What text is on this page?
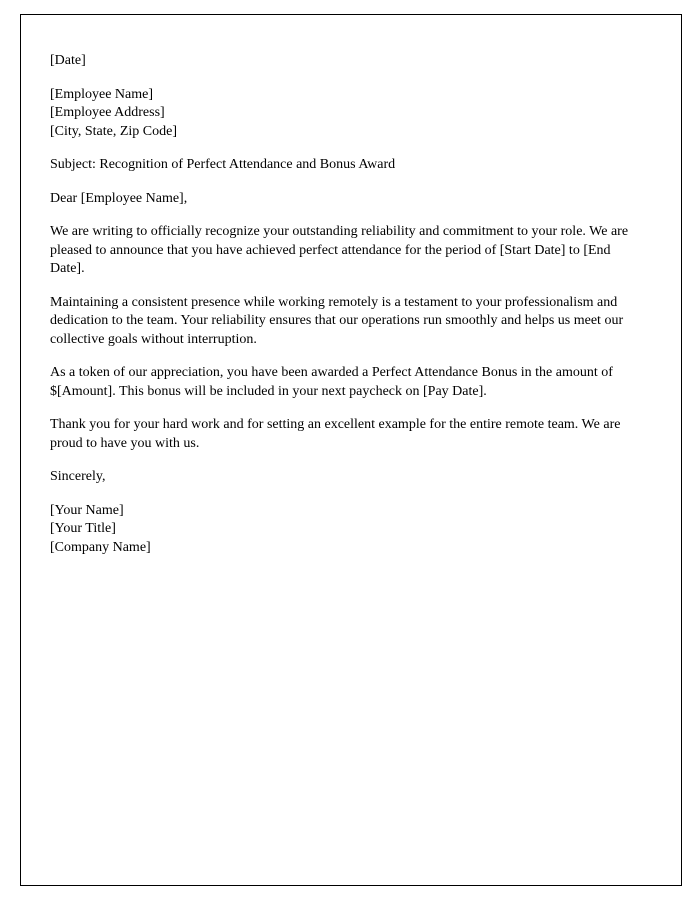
[Date]

[Employee Name]

[Employee Address]

[City, State, Zip Code]

Subject: Recognition of Perfect Attendance and Bonus Award

Dear [Employee Name],

We are writing to officially recognize your outstanding reliability and commitment to your role. We are pleased to announce that you have achieved perfect attendance for the period of [Start Date] to [End Date].

Maintaining a consistent presence while working remotely is a testament to your professionalism and dedication to the team. Your reliability ensures that our operations run smoothly and helps us meet our collective goals without interruption.

As a token of our appreciation, you have been awarded a Perfect Attendance Bonus in the amount of $[Amount]. This bonus will be included in your next paycheck on [Pay Date].

Thank you for your hard work and for setting an excellent example for the entire remote team. We are proud to have you with us.

Sincerely,

[Your Name]

[Your Title]

[Company Name]
